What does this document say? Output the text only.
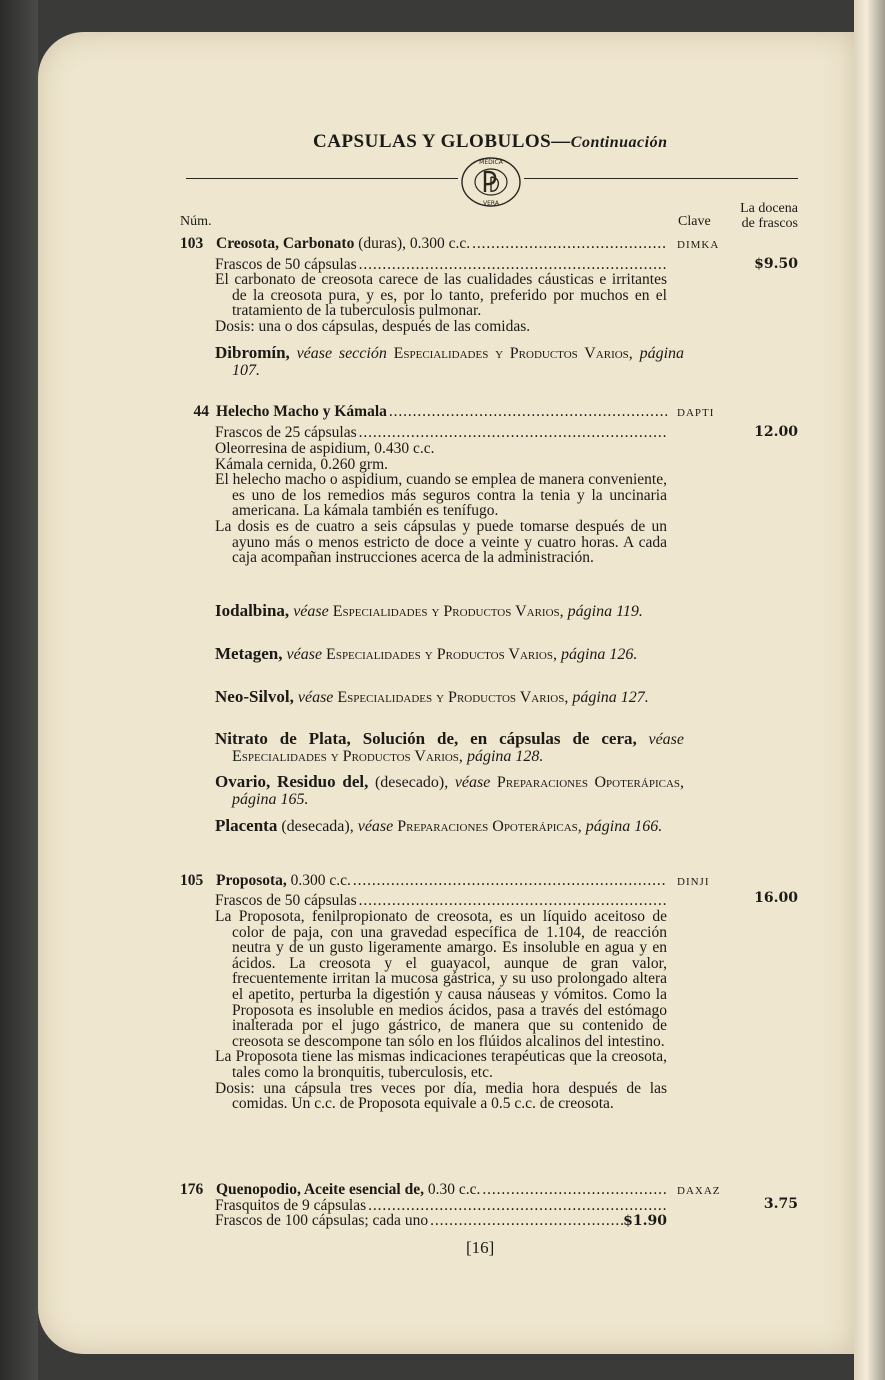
CAPSULAS Y GLOBULOS—Continuación
MEDICA
VERA
Núm.	Clave
La docena
de frascos
103 Creosota, Carbonato
(duras), 0.300 c.c. . . .	DIMKA
Frascos de 50 cápsulas . . .	$9.50

El carbonato de creosota carece de las cualidades cáusticas e irritantes de la creosota pura, y es, por lo tanto, preferido por muchos en el tratamiento de la tuberculosis pulmonar.

Dosis: una o dos cápsulas, después de las comidas.

Dibromín, véase sección Especialidades y Productos Varios, página 107.
44 Helecho Macho y Kámala . . .	DAPTI
Frascos de 25 cápsulas . . .	12.00

Oleorresina de aspidium, 0.430 c.c.

Kámala cernida, 0.260 grm.

El helecho macho o aspidium, cuando se emplea de manera conveniente, es uno de los remedios más seguros contra la tenia y la uncinaria americana. La kámala también es tenífugo.

La dosis es de cuatro a seis cápsulas y puede tomarse después de un ayuno más o menos estricto de doce a veinte y cuatro horas. A cada caja acompañan instrucciones acerca de la administración.

Iodalbina, véase Especialidades y Productos Varios, página 119.
Metagen, véase Especialidades y Productos Varios, página 126.
Neo-Silvol, véase Especialidades y Productos Varios, página 127.
Nitrato de Plata, Solución de, en cápsulas de cera, véase Especialidades y Productos Varios, página 128.
Ovario, Residuo del, (desecado), véase Preparaciones Opoterápicas, página 165.
Placenta (desecada), véase Preparaciones Opoterápicas, página 166.
105 Proposota,
0.300 c.c. . . .	DINJI
Frascos de 50 cápsulas . . .	16.00

La Proposota, fenilpropionato de creosota, es un líquido aceitoso de color de paja, con una gravedad específica de 1.104, de reacción neutra y de un gusto ligeramente amargo. Es insoluble en agua y en ácidos. La creosota y el guayacol, aunque de gran valor, frecuentemente irritan la mucosa gástrica, y su uso prolongado altera el apetito, perturba la digestión y causa náuseas y vómitos. Como la Proposota es insoluble en medios ácidos, pasa a través del estómago inalterada por el jugo gástrico, de manera que su contenido de creosota se descompone tan sólo en los flúidos alcalinos del intestino.

La Proposota tiene las mismas indicaciones terapéuticas que la creosota, tales como la bronquitis, tuberculosis, etc.

Dosis: una cápsula tres veces por día, media hora después de las comidas. Un c.c. de Proposota equivale a 0.5 c.c. de creosota.

176 Quenopodio, Aceite esencial de,
0.30 c.c. . . .	DAXAZ
Frasquitos de 9 cápsulas . . .	3.75
Frascos de 100 cápsulas; cada uno . . .	$1.90
[16]
